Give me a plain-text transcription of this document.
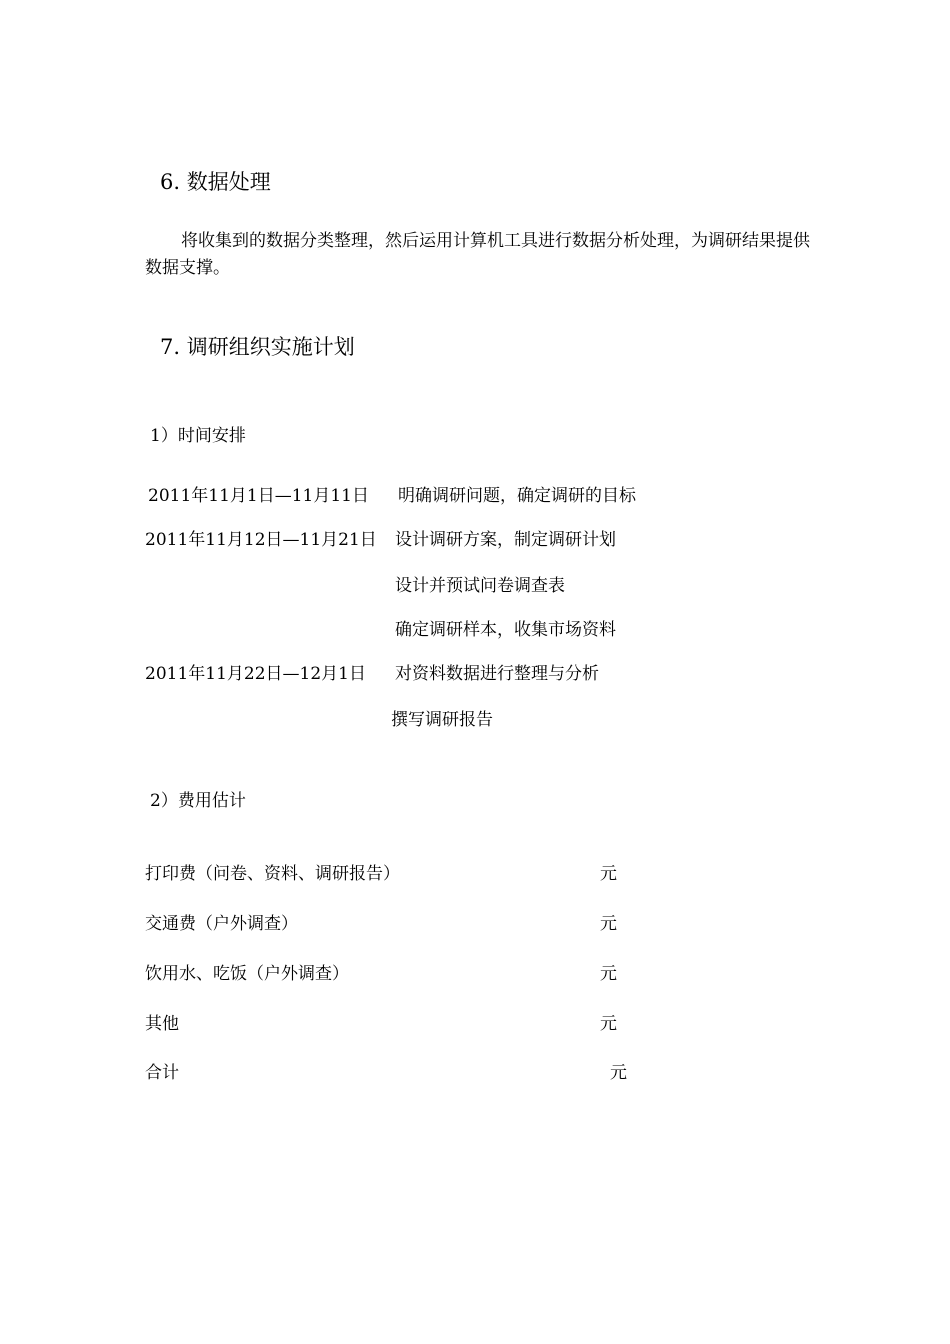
6. 数据处理
将收集到的数据分类整理，然后运用计算机工具进行数据分析处理，为调研结果提供数据支撑。
7. 调研组织实施计划
1）时间安排
2011年11月1日—11月11日 明确调研问题，确定调研的目标
2011年11月12日—11月21日 设计调研方案，制定调研计划
设计并预试问卷调查表
确定调研样本，收集市场资料
2011年11月22日—12月1日 对资料数据进行整理与分析
撰写调研报告
2）费用估计
打印费（问卷、资料、调研报告）	元
交通费（户外调查）	元
饮用水、吃饭（户外调查）	元
其他	元
合计	元
